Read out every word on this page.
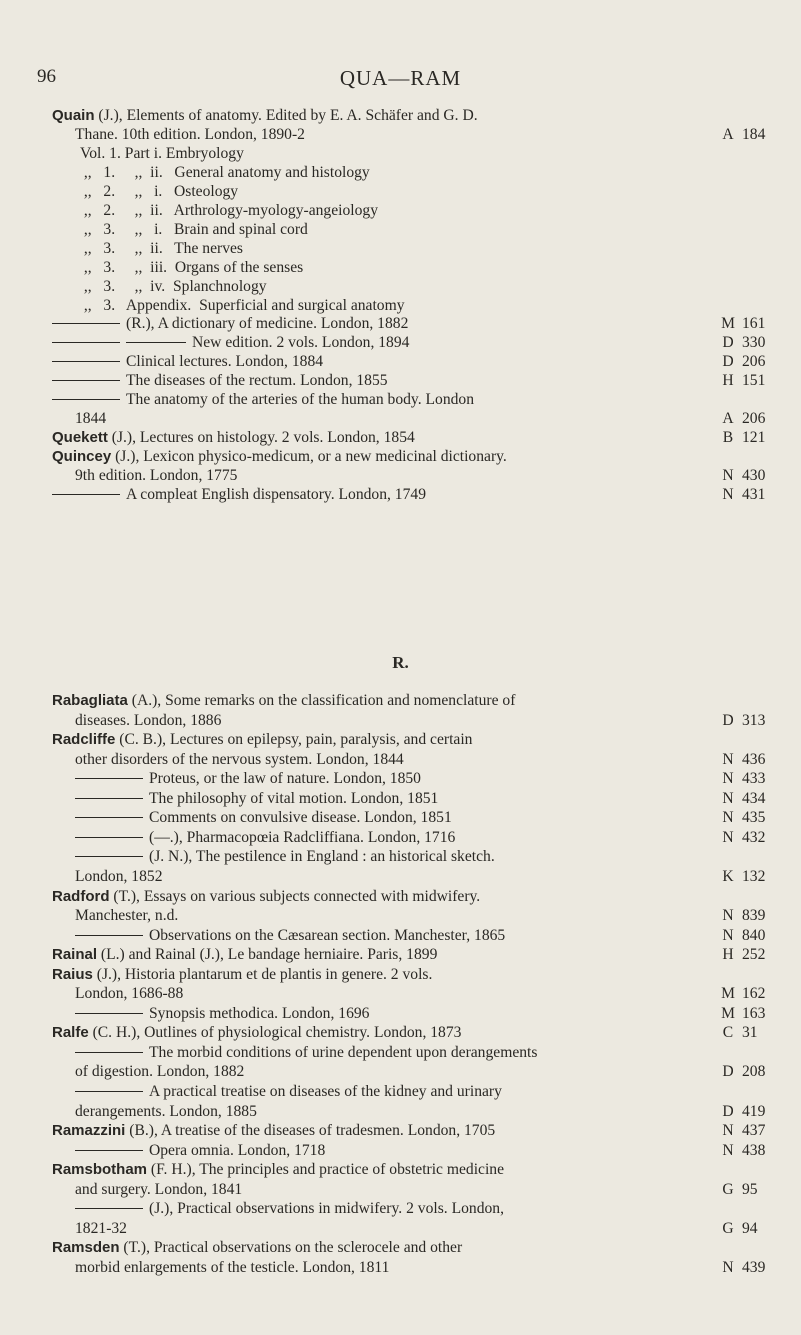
96	QUA—RAM
Quain (J.), Elements of anatomy. Edited by E. A. Schäfer and G. D.
Thane. 10th edition. London, 1890-2	A 184
Vol. 1. Part i. Embryology
,,   1.     ,,  ii.   General anatomy and histology
,,   2.     ,,   i.   Osteology
,,   2.     ,,  ii.   Arthrology-myology-angeiology
,,   3.     ,,   i.   Brain and spinal cord
,,   3.     ,,  ii.   The nerves
,,   3.     ,,  iii.  Organs of the senses
,,   3.     ,,  iv.  Splanchnology
,,   3.   Appendix.  Superficial and surgical anatomy
(R.), A dictionary of medicine. London, 1882	M 161
New edition. 2 vols. London, 1894	D 330
Clinical lectures. London, 1884	D 206
The diseases of the rectum. London, 1855	H 151
The anatomy of the arteries of the human body. London
1844	A 206
Quekett (J.), Lectures on histology. 2 vols. London, 1854	B 121
Quincey (J.), Lexicon physico-medicum, or a new medicinal dictionary.
9th edition. London, 1775	N 430
A compleat English dispensatory. London, 1749	N 431
R.
Rabagliata (A.), Some remarks on the classification and nomenclature of
diseases. London, 1886	D 313
Radcliffe (C. B.), Lectures on epilepsy, pain, paralysis, and certain
other disorders of the nervous system. London, 1844	N 436
Proteus, or the law of nature. London, 1850	N 433
The philosophy of vital motion. London, 1851	N 434
Comments on convulsive disease. London, 1851	N 435
(—.), Pharmacopœia Radcliffiana. London, 1716	N 432
(J. N.), The pestilence in England : an historical sketch.
London, 1852	K 132
Radford (T.), Essays on various subjects connected with midwifery.
Manchester, n.d.	N 839
Observations on the Cæsarean section. Manchester, 1865	N 840
Rainal (L.) and Rainal (J.), Le bandage herniaire. Paris, 1899	H 252
Raius (J.), Historia plantarum et de plantis in genere. 2 vols.
London, 1686-88	M 162
Synopsis methodica. London, 1696	M 163
Ralfe (C. H.), Outlines of physiological chemistry. London, 1873	C 31
The morbid conditions of urine dependent upon derangements
of digestion. London, 1882	D 208
A practical treatise on diseases of the kidney and urinary
derangements. London, 1885	D 419
Ramazzini (B.), A treatise of the diseases of tradesmen. London, 1705	N 437
Opera omnia. London, 1718	N 438
Ramsbotham (F. H.), The principles and practice of obstetric medicine
and surgery. London, 1841	G 95
(J.), Practical observations in midwifery. 2 vols. London,
1821-32	G 94
Ramsden (T.), Practical observations on the sclerocele and other
morbid enlargements of the testicle. London, 1811	N 439
